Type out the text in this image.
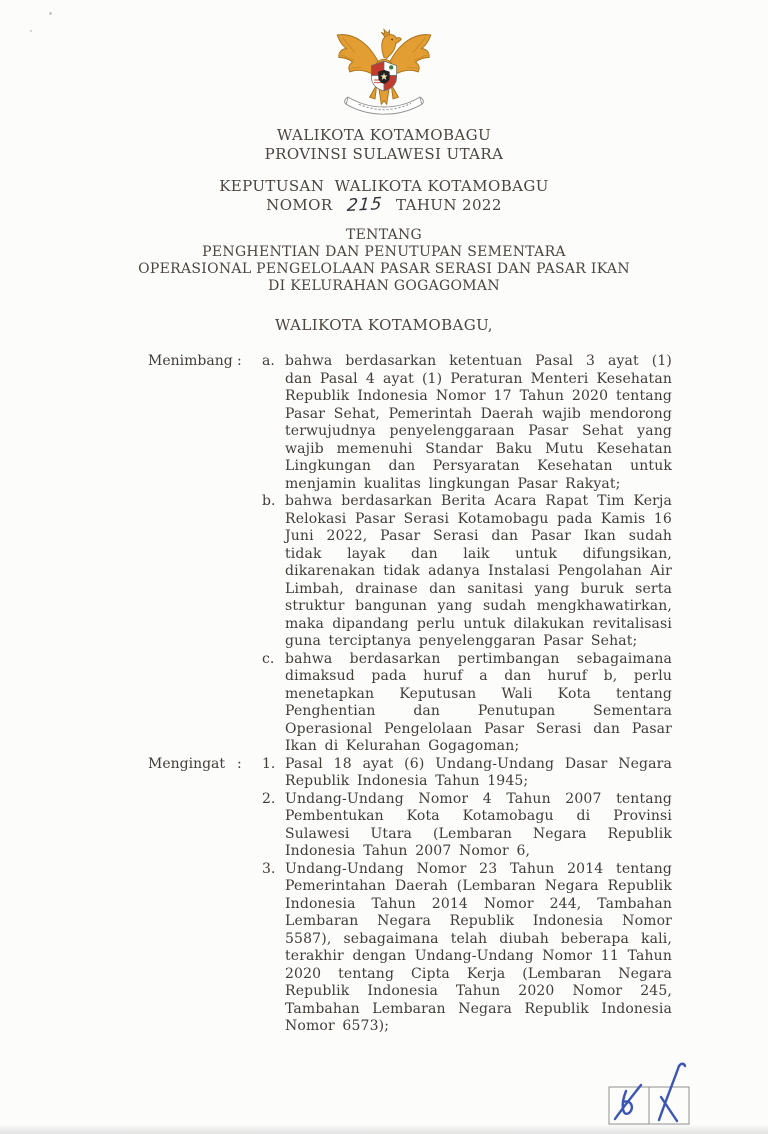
WALIKOTA KOTAMOBAGU
PROVINSI SULAWESI UTARA
KEPUTUSAN  WALIKOTA KOTAMOBAGU
NOMOR 215 TAHUN 2022
TENTANG
PENGHENTIAN DAN PENUTUPAN SEMENTARA
OPERASIONAL PENGELOLAAN PASAR SERASI DAN PASAR IKAN
DI KELURAHAN GOGAGOMAN
WALIKOTA KOTAMOBAGU,
Menimbang :	a. bahwa berdasarkan ketentuan Pasal 3 ayat (1) dan Pasal 4 ayat (1) Peraturan Menteri Kesehatan Republik Indonesia Nomor 17 Tahun 2020 tentang Pasar Sehat, Pemerintah Daerah wajib mendorong terwujudnya penyelenggaraan Pasar Sehat yang wajib memenuhi Standar Baku Mutu Kesehatan Lingkungan dan Persyaratan Kesehatan untuk menjamin kualitas lingkungan Pasar Rakyat;
b. bahwa berdasarkan Berita Acara Rapat Tim Kerja Relokasi Pasar Serasi Kotamobagu pada Kamis 16 Juni 2022, Pasar Serasi dan Pasar Ikan sudah tidak layak dan laik untuk difungsikan, dikarenakan tidak adanya Instalasi Pengolahan Air Limbah, drainase dan sanitasi yang buruk serta struktur bangunan yang sudah mengkhawatirkan, maka dipandang perlu untuk dilakukan revitalisasi guna terciptanya penyelenggaran Pasar Sehat;
c. bahwa berdasarkan pertimbangan sebagaimana dimaksud pada huruf a dan huruf b, perlu menetapkan Keputusan Wali Kota tentang Penghentian dan Penutupan Sementara Operasional Pengelolaan Pasar Serasi dan Pasar Ikan di Kelurahan Gogagoman;
Mengingat :	1. Pasal 18 ayat (6) Undang-Undang Dasar Negara Republik Indonesia Tahun 1945;
2. Undang-Undang Nomor 4 Tahun 2007 tentang Pembentukan Kota Kotamobagu di Provinsi Sulawesi Utara (Lembaran Negara Republik Indonesia Tahun 2007 Nomor 6,
3. Undang-Undang Nomor 23 Tahun 2014 tentang Pemerintahan Daerah (Lembaran Negara Republik Indonesia Tahun 2014 Nomor 244, Tambahan Lembaran Negara Republik Indonesia Nomor 5587), sebagaimana telah diubah beberapa kali, terakhir dengan Undang-Undang Nomor 11 Tahun 2020 tentang Cipta Kerja (Lembaran Negara Republik Indonesia Tahun 2020 Nomor 245, Tambahan Lembaran Negara Republik Indonesia Nomor 6573);
